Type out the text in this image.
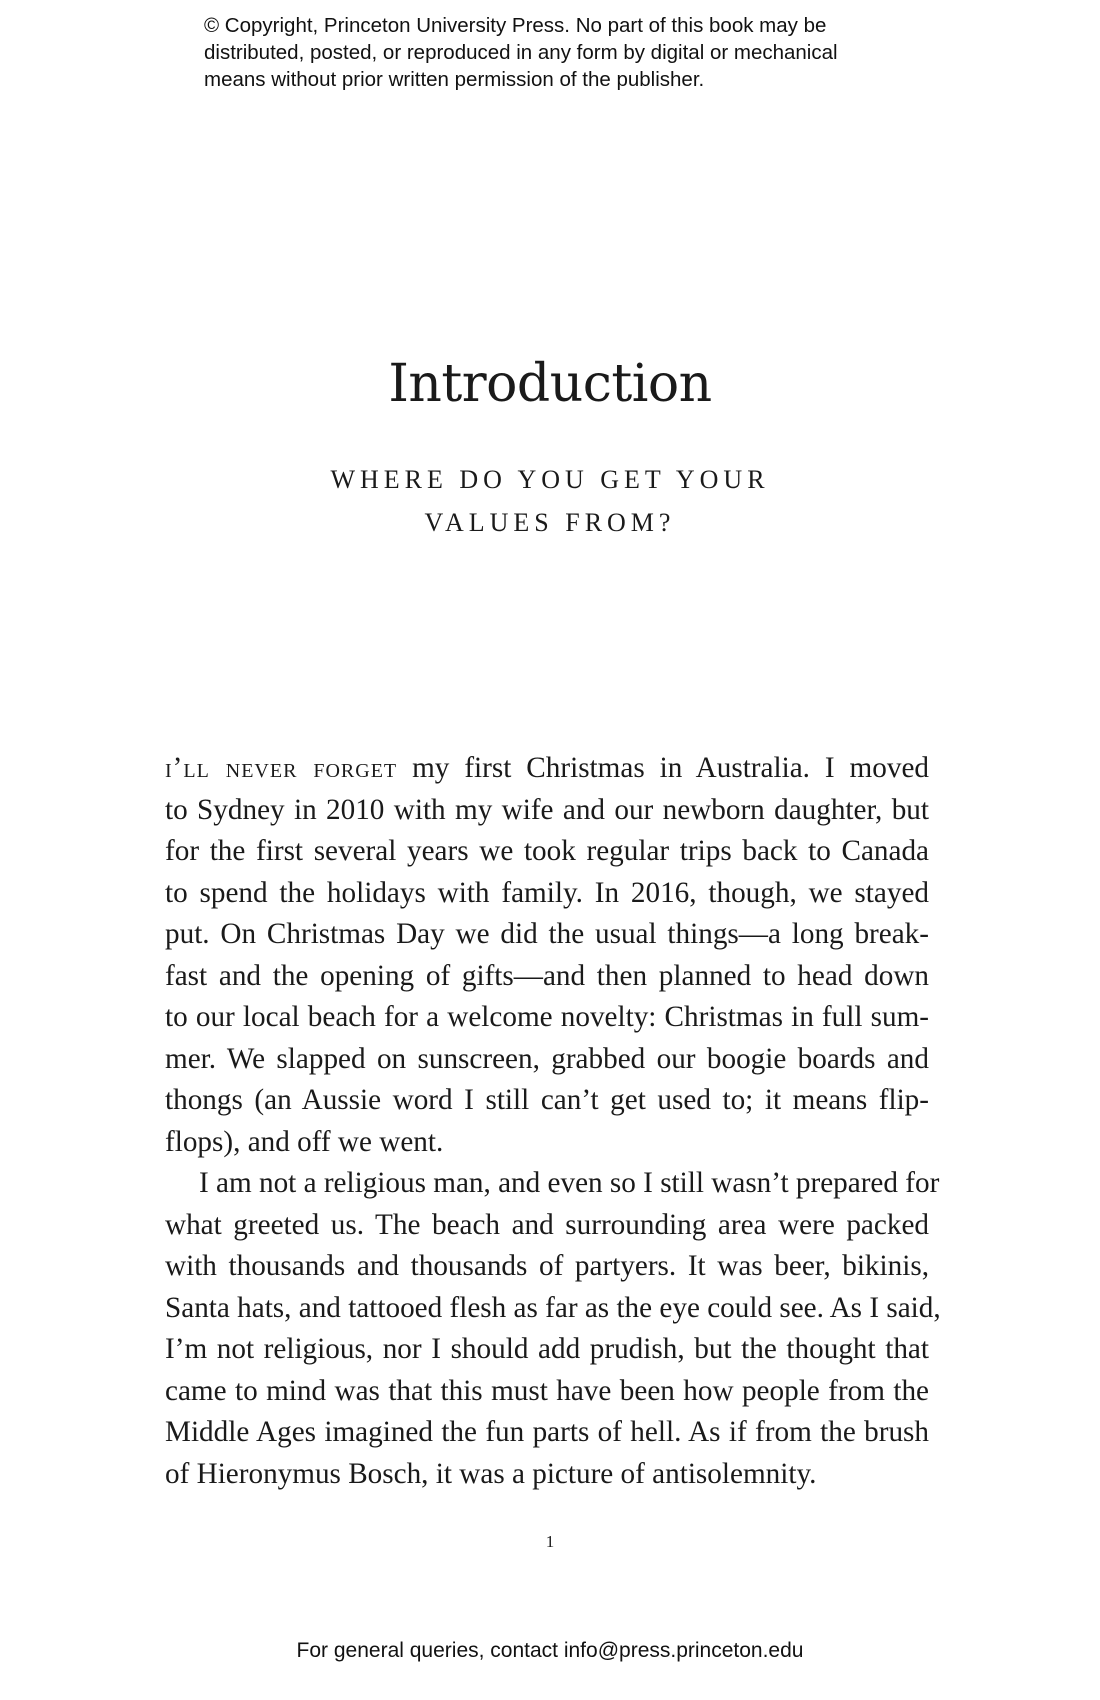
© Copyright, Princeton University Press. No part of this book may be
distributed, posted, or reproduced in any form by digital or mechanical
means without prior written permission of the publisher.
Introduction
WHERE DO YOU GET YOUR
VALUES FROM?
i’ll never forget my first Christmas in Australia. I moved
to Sydney in 2010 with my wife and our newborn daughter, but
for the first several years we took regular trips back to Canada
to spend the holidays with family. In 2016, though, we stayed
put. On Christmas Day we did the usual things—a long break-
fast and the opening of gifts—and then planned to head down
to our local beach for a welcome novelty: Christmas in full sum-
mer. We slapped on sunscreen, grabbed our boogie boards and
thongs (an Aussie word I still can’t get used to; it means flip-
flops), and off we went.
I am not a religious man, and even so I still wasn’t prepared for
what greeted us. The beach and surrounding area were packed
with thousands and thousands of partyers. It was beer, bikinis,
Santa hats, and tattooed flesh as far as the eye could see. As I said,
I’m not religious, nor I should add prudish, but the thought that
came to mind was that this must have been how people from the
Middle Ages imagined the fun parts of hell. As if from the brush
of Hieronymus Bosch, it was a picture of antisolemnity.
1
For general queries, contact info@press.princeton.edu
